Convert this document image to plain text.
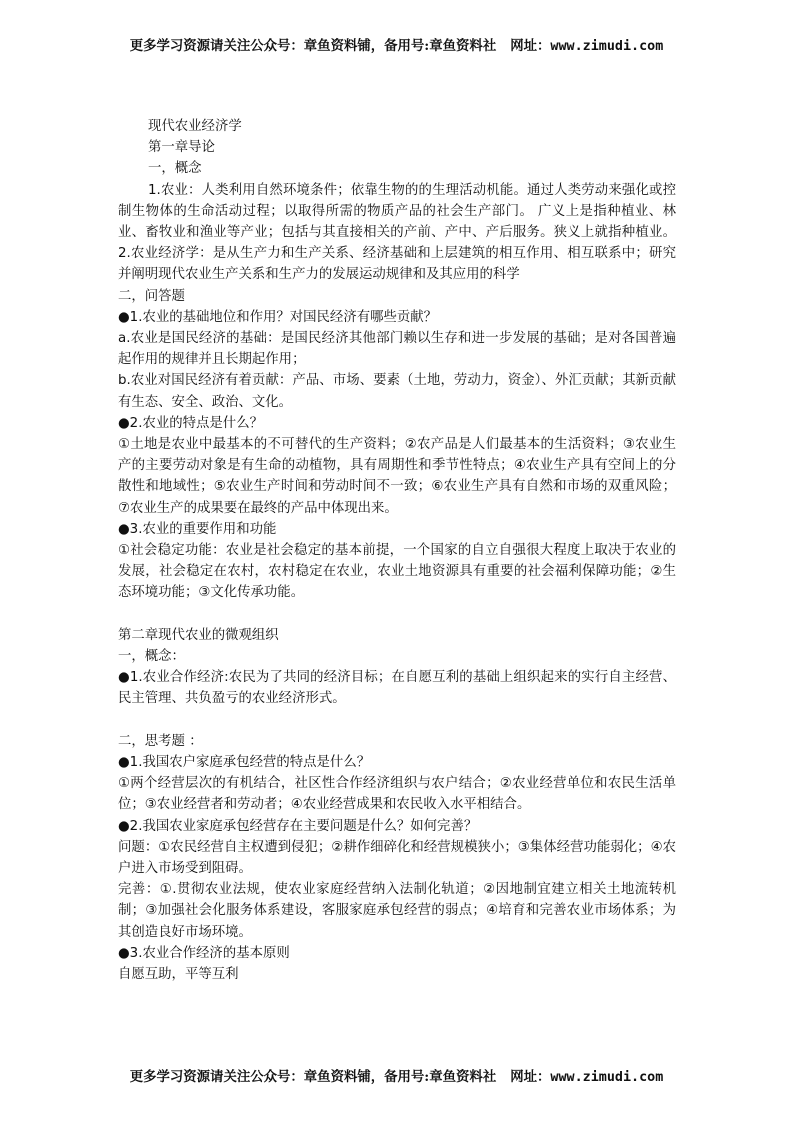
更多学习资源请关注公众号：章鱼资料铺，备用号:章鱼资料社 网址：www.zimudi.com

现代农业经济学

第一章导论

一，概念

1.农业：人类利用自然环境条件；依靠生物的的生理活动机能。通过人类劳动来强化或控制生物体的生命活动过程；以取得所需的物质产品的社会生产部门。 广义上是指种植业、林业、畜牧业和渔业等产业；包括与其直接相关的产前、产中、产后服务。狭义上就指种植业。 2.农业经济学：是从生产力和生产关系、经济基础和上层建筑的相互作用、相互联系中；研究并阐明现代农业生产关系和生产力的发展运动规律和及其应用的科学

二，问答题

●1.农业的基础地位和作用？对国民经济有哪些贡献？

a.农业是国民经济的基础：是国民经济其他部门赖以生存和进一步发展的基础；是对各国普遍起作用的规律并且长期起作用；

b.农业对国民经济有着贡献：产品、市场、要素（土地，劳动力，资金）、外汇贡献；其新贡献有生态、安全、政治、文化。

●2.农业的特点是什么？

①土地是农业中最基本的不可替代的生产资料；②农产品是人们最基本的生活资料；③农业生产的主要劳动对象是有生命的动植物，具有周期性和季节性特点；④农业生产具有空间上的分散性和地域性；⑤农业生产时间和劳动时间不一致；⑥农业生产具有自然和市场的双重风险；⑦农业生产的成果要在最终的产品中体现出来。

●3.农业的重要作用和功能

①社会稳定功能：农业是社会稳定的基本前提，一个国家的自立自强很大程度上取决于农业的发展，社会稳定在农村，农村稳定在农业，农业土地资源具有重要的社会福利保障功能；②生态环境功能；③文化传承功能。

第二章现代农业的微观组织

一，概念：

●1.农业合作经济:农民为了共同的经济目标；在自愿互利的基础上组织起来的实行自主经营、民主管理、共负盈亏的农业经济形式。

二，思考题 ：

●1.我国农户家庭承包经营的特点是什么？

①两个经营层次的有机结合，社区性合作经济组织与农户结合；②农业经营单位和农民生活单位；③农业经营者和劳动者；④农业经营成果和农民收入水平相结合。

●2.我国农业家庭承包经营存在主要问题是什么？如何完善？

问题：①农民经营自主权遭到侵犯；②耕作细碎化和经营规模狭小；③集体经营功能弱化；④农户进入市场受到阻碍。

完善：①.贯彻农业法规，使农业家庭经营纳入法制化轨道；②因地制宜建立相关土地流转机制；③加强社会化服务体系建设，客服家庭承包经营的弱点；④培育和完善农业市场体系；为其创造良好市场环境。

●3.农业合作经济的基本原则

自愿互助，平等互利

更多学习资源请关注公众号：章鱼资料铺，备用号:章鱼资料社 网址：www.zimudi.com
